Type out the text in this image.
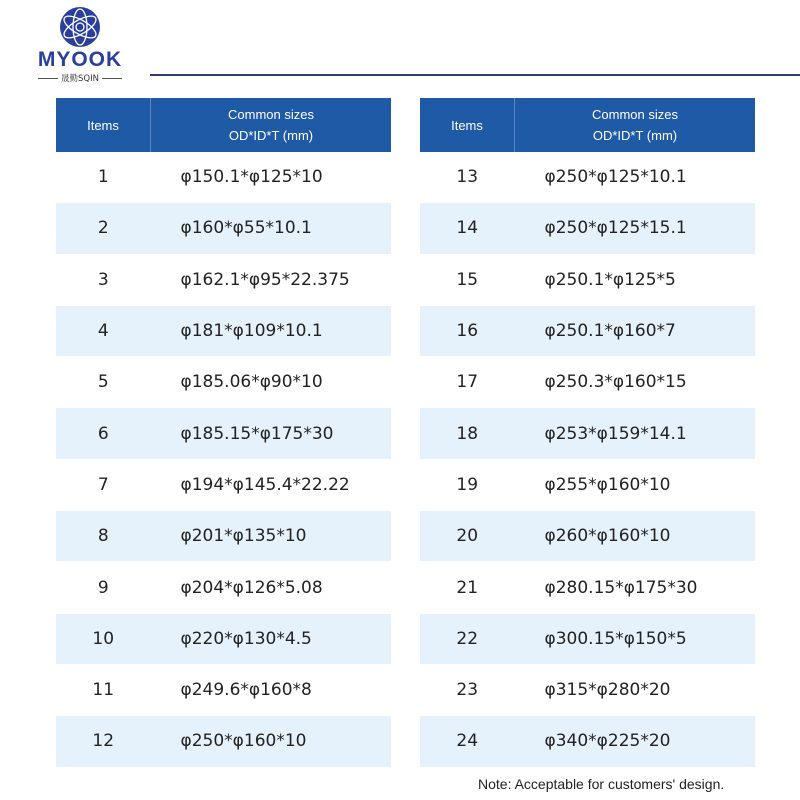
MYOOK
晟勤SQIN
Items	Common sizes
OD*ID*T (mm)

1	φ150.1*φ125*10
2	φ160*φ55*10.1
3	φ162.1*φ95*22.375
4	φ181*φ109*10.1
5	φ185.06*φ90*10
6	φ185.15*φ175*30
7	φ194*φ145.4*22.22
8	φ201*φ135*10
9	φ204*φ126*5.08
10	φ220*φ130*4.5
11	φ249.6*φ160*8
12	φ250*φ160*10
Items	Common sizes
OD*ID*T (mm)

13	φ250*φ125*10.1
14	φ250*φ125*15.1
15	φ250.1*φ125*5
16	φ250.1*φ160*7
17	φ250.3*φ160*15
18	φ253*φ159*14.1
19	φ255*φ160*10
20	φ260*φ160*10
21	φ280.15*φ175*30
22	φ300.15*φ150*5
23	φ315*φ280*20
24	φ340*φ225*20
Note: Acceptable for customers' design.
